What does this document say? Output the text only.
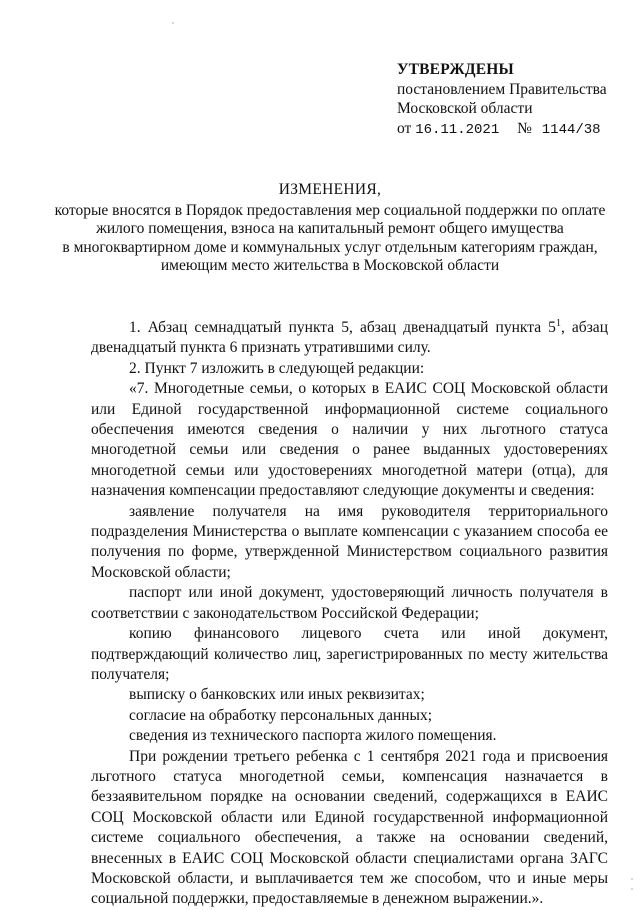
УТВЕРЖДЕНЫ
постановлением Правительства
Московской области
от 16.11.2021 № 1144/38
ИЗМЕНЕНИЯ,
которые вносятся в Порядок предоставления мер социальной поддержки по оплате
жилого помещения, взноса на капитальный ремонт общего имущества
в многоквартирном доме и коммунальных услуг отдельным категориям граждан,
имеющим место жительства в Московской области

1. Абзац семнадцатый пункта 5, абзац двенадцатый пункта $5^1$, абзац двенадцатый пункта 6 признать утратившими силу.

2. Пункт 7 изложить в следующей редакции:

«7. Многодетные семьи, о которых в ЕАИС СОЦ Московской области или Единой государственной информационной системе социального обеспечения имеются сведения о наличии у них льготного статуса многодетной семьи или сведения о ранее выданных удостоверениях многодетной семьи или удостоверениях многодетной матери (отца), для назначения компенсации предоставляют следующие документы и сведения:

заявление получателя на имя руководителя территориального подразделения Министерства о выплате компенсации с указанием способа ее получения по форме, утвержденной Министерством социального развития Московской области;

паспорт или иной документ, удостоверяющий личность получателя в соответствии с законодательством Российской Федерации;

копию финансового лицевого счета или иной документ, подтверждающий количество лиц, зарегистрированных по месту жительства получателя;

выписку о банковских или иных реквизитах;

согласие на обработку персональных данных;

сведения из технического паспорта жилого помещения.

При рождении третьего ребенка с 1 сентября 2021 года и присвоения льготного статуса многодетной семьи, компенсация назначается в беззаявительном порядке на основании сведений, содержащихся в ЕАИС СОЦ Московской области или Единой государственной информационной системе социального обеспечения, а также на основании сведений, внесенных в ЕАИС СОЦ Московской области специалистами органа ЗАГС Московской области, и выплачивается тем же способом, что и иные меры социальной поддержки, предоставляемые в денежном выражении.».
